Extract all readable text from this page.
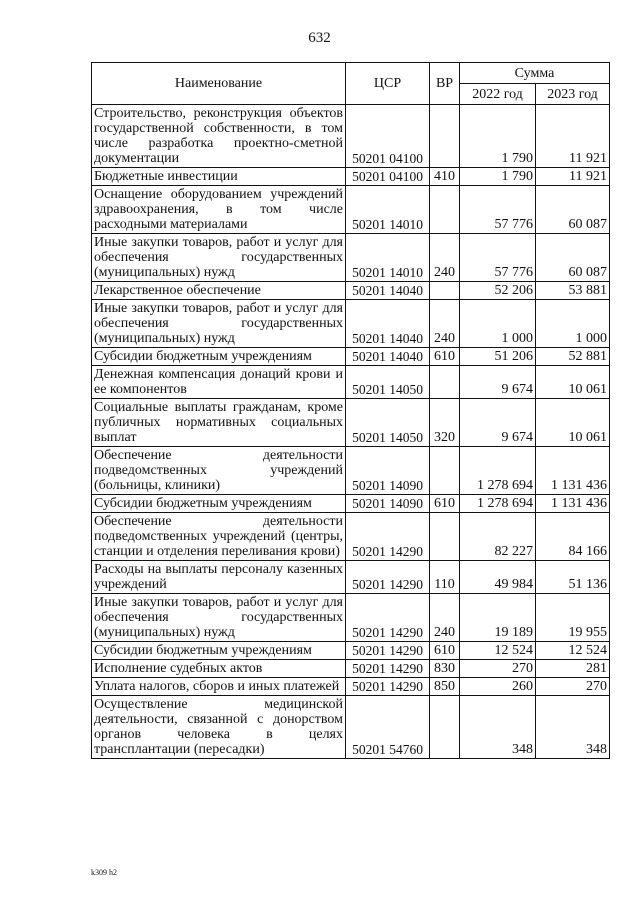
632
Наименование	ЦСР	ВР	Сумма	
			2022 год	2023 год
Строительство, реконструкция объектов государственной собственности, в том числе разработка проектно-сметной документации	50201 04100		1 790	11 921
Бюджетные инвестиции	50201 04100	410	1 790	11 921
Оснащение оборудованием учреждений здравоохранения, в том числе расходными материалами	50201 14010		57 776	60 087
Иные закупки товаров, работ и услуг для обеспечения государственных (муниципальных) нужд	50201 14010	240	57 776	60 087
Лекарственное обеспечение	50201 14040		52 206	53 881
Иные закупки товаров, работ и услуг для обеспечения государственных (муниципальных) нужд	50201 14040	240	1 000	1 000
Субсидии бюджетным учреждениям	50201 14040	610	51 206	52 881
Денежная компенсация донаций крови и ее компонентов	50201 14050		9 674	10 061
Социальные выплаты гражданам, кроме публичных нормативных социальных выплат	50201 14050	320	9 674	10 061
Обеспечение деятельности подведомственных учреждений (больницы, клиники)	50201 14090		1 278 694	1 131 436
Субсидии бюджетным учреждениям	50201 14090	610	1 278 694	1 131 436
Обеспечение деятельности подведомственных учреждений (центры, станции и отделения переливания крови)	50201 14290		82 227	84 166
Расходы на выплаты персоналу казенных учреждений	50201 14290	110	49 984	51 136
Иные закупки товаров, работ и услуг для обеспечения государственных (муниципальных) нужд	50201 14290	240	19 189	19 955
Субсидии бюджетным учреждениям	50201 14290	610	12 524	12 524
Исполнение судебных актов	50201 14290	830	270	281
Уплата налогов, сборов и иных платежей	50201 14290	850	260	270
Осуществление медицинской деятельности, связанной с донорством органов человека в целях трансплантации (пересадки)	50201 54760		348	348
k309 h2
